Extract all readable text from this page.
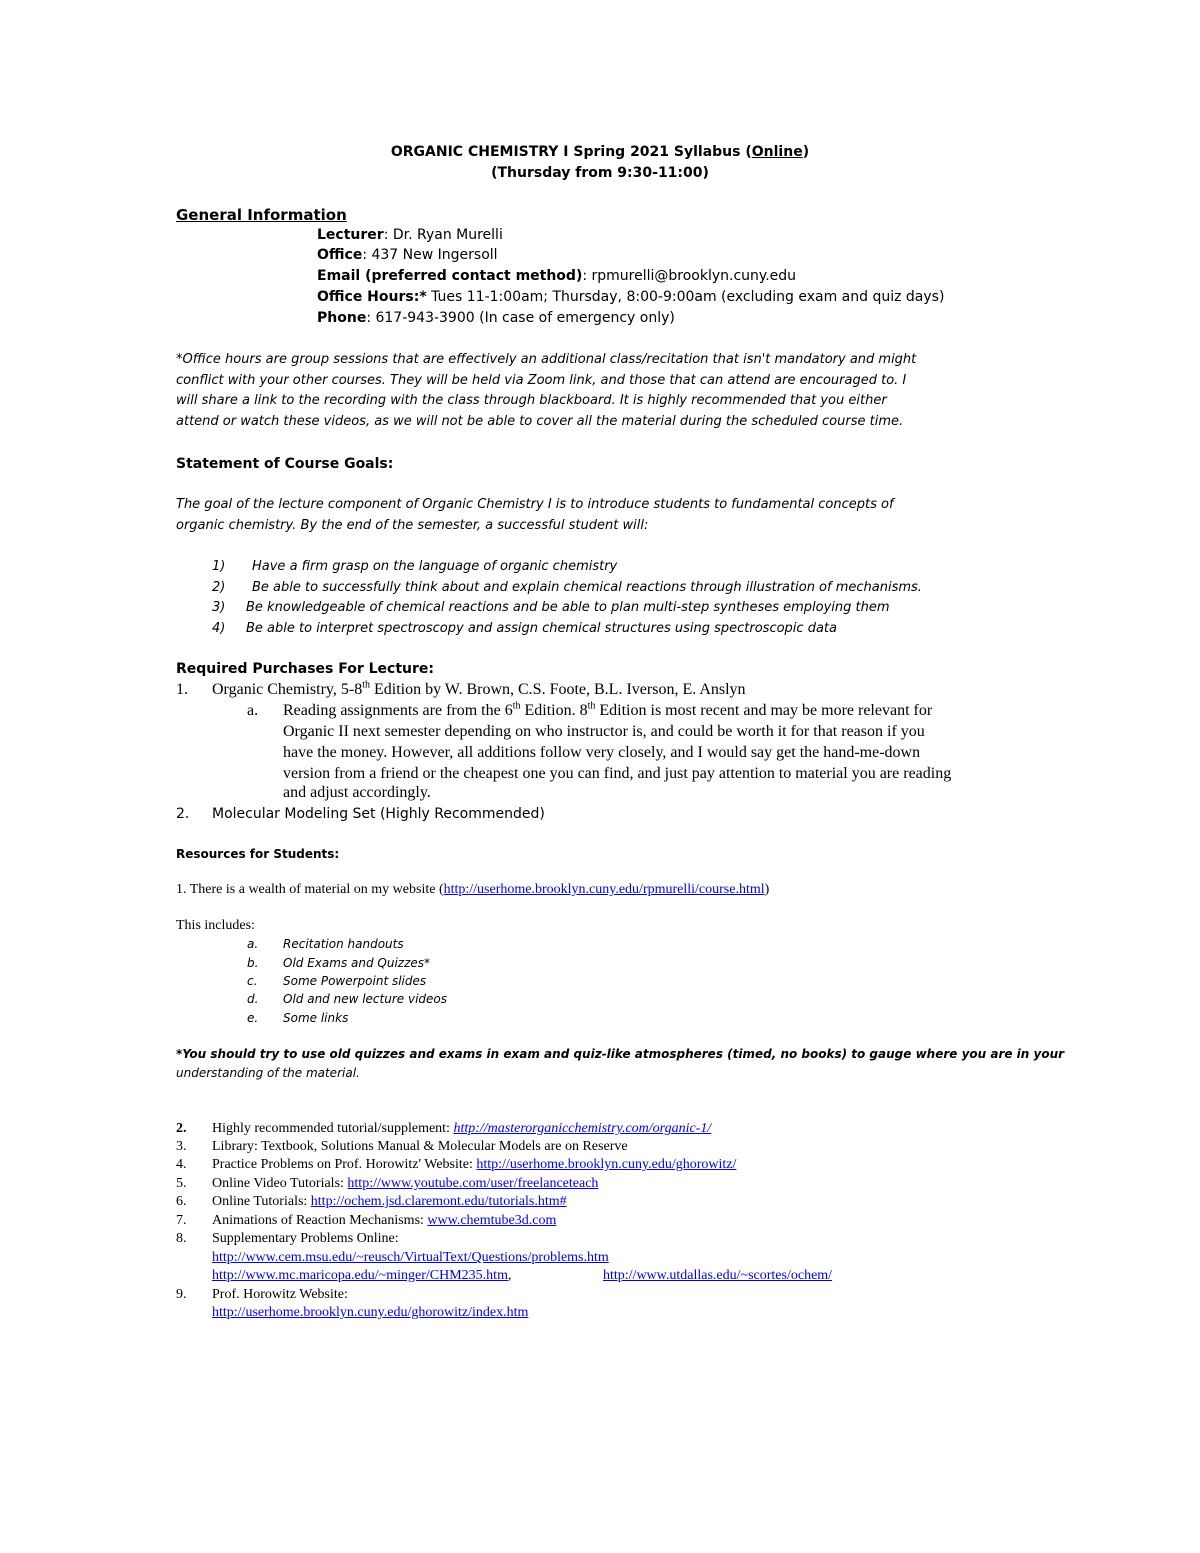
ORGANIC CHEMISTRY I Spring 2021 Syllabus (Online)
(Thursday from 9:30-11:00)
General Information
Lecturer: Dr. Ryan Murelli
Office: 437 New Ingersoll
Email (preferred contact method): rpmurelli@brooklyn.cuny.edu
Office Hours:* Tues 11-1:00am; Thursday, 8:00-9:00am (excluding exam and quiz days)
Phone: 617-943-3900 (In case of emergency only)
*Office hours are group sessions that are effectively an additional class/recitation that isn't mandatory and might
conflict with your other courses. They will be held via Zoom link, and those that can attend are encouraged to. I
will share a link to the recording with the class through blackboard. It is highly recommended that you either
attend or watch these videos, as we will not be able to cover all the material during the scheduled course time.
Statement of Course Goals:
The goal of the lecture component of Organic Chemistry I is to introduce students to fundamental concepts of
organic chemistry. By the end of the semester, a successful student will:
1) Have a firm grasp on the language of organic chemistry
2) Be able to successfully think about and explain chemical reactions through illustration of mechanisms.
3) Be knowledgeable of chemical reactions and be able to plan multi-step syntheses employing them
4) Be able to interpret spectroscopy and assign chemical structures using spectroscopic data
Required Purchases For Lecture:
1. Organic Chemistry, 5-8th Edition by W. Brown, C.S. Foote, B.L. Iverson, E. Anslyn
a. Reading assignments are from the 6th Edition. 8th Edition is most recent and may be more relevant for
Organic II next semester depending on who instructor is, and could be worth it for that reason if you
have the money. However, all additions follow very closely, and I would say get the hand-me-down
version from a friend or the cheapest one you can find, and just pay attention to material you are reading
and adjust accordingly.
2. Molecular Modeling Set (Highly Recommended)
Resources for Students:
1. There is a wealth of material on my website (http://userhome.brooklyn.cuny.edu/rpmurelli/course.html)
This includes:
a. Recitation handouts
b. Old Exams and Quizzes*
c. Some Powerpoint slides
d. Old and new lecture videos
e. Some links
*You should try to use old quizzes and exams in exam and quiz-like atmospheres (timed, no books) to gauge where you are in your
understanding of the material.
2. Highly recommended tutorial/supplement: http://masterorganicchemistry.com/organic-1/
3. Library: Textbook, Solutions Manual & Molecular Models are on Reserve
4. Practice Problems on Prof. Horowitz' Website: http://userhome.brooklyn.cuny.edu/ghorowitz/
5. Online Video Tutorials: http://www.youtube.com/user/freelanceteach
6. Online Tutorials: http://ochem.jsd.claremont.edu/tutorials.htm#
7. Animations of Reaction Mechanisms: www.chemtube3d.com
8. Supplementary Problems Online:
http://www.cem.msu.edu/~reusch/VirtualText/Questions/problems.htm
http://www.mc.maricopa.edu/~minger/CHM235.htm,	http://www.utdallas.edu/~scortes/ochem/
9. Prof. Horowitz Website:
http://userhome.brooklyn.cuny.edu/ghorowitz/index.htm
